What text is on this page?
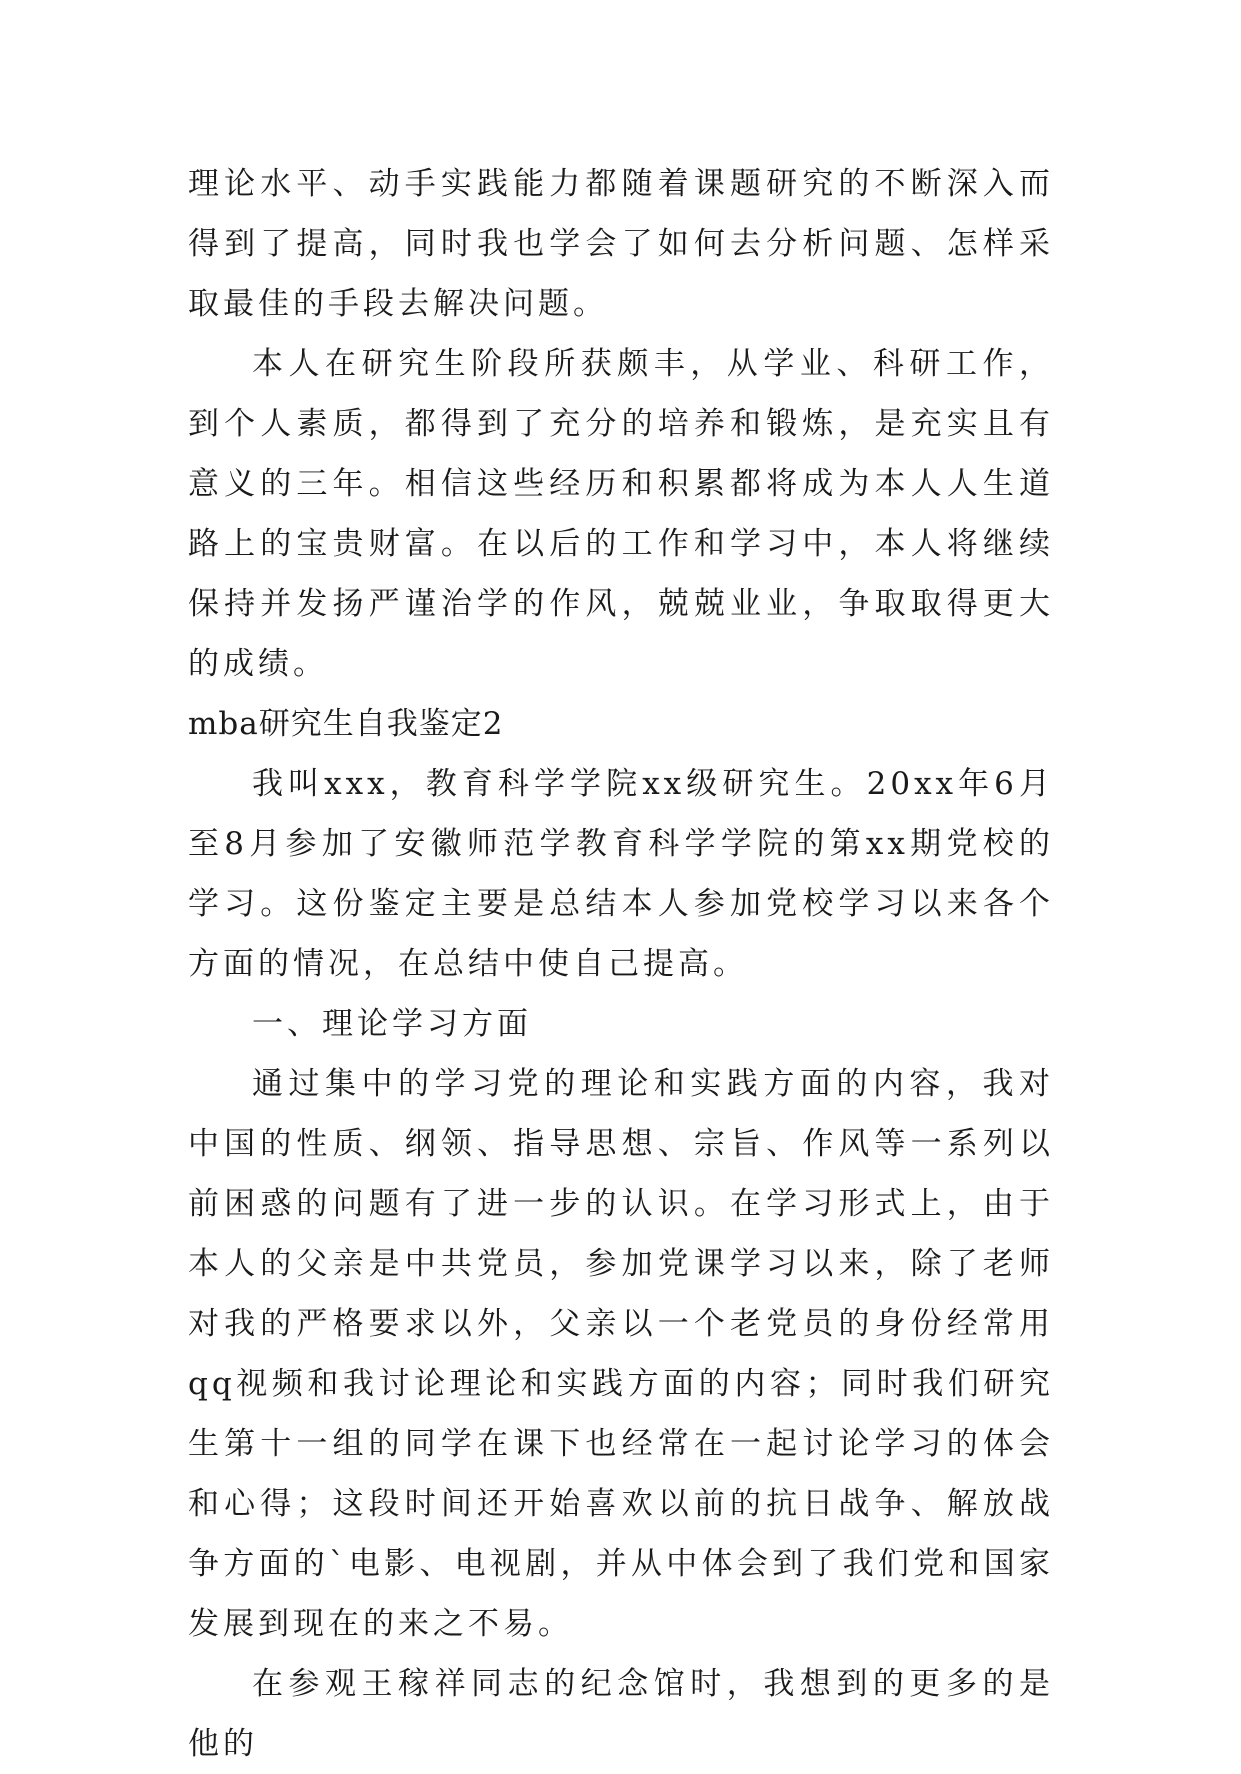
理论水平、动手实践能力都随着课题研究的不断深入而得到了提高，同时我也学会了如何去分析问题、怎样采取最佳的手段去解决问题。

本人在研究生阶段所获颇丰，从学业、科研工作，到个人素质，都得到了充分的培养和锻炼，是充实且有意义的三年。相信这些经历和积累都将成为本人人生道路上的宝贵财富。在以后的工作和学习中，本人将继续保持并发扬严谨治学的作风，兢兢业业，争取取得更大的成绩。

mba研究生自我鉴定2

我叫xxx，教育科学学院xx级研究生。20xx年6月至8月参加了安徽师范学教育科学学院的第xx期党校的学习。这份鉴定主要是总结本人参加党校学习以来各个方面的情况，在总结中使自己提高。

一、理论学习方面

通过集中的学习党的理论和实践方面的内容，我对中国的性质、纲领、指导思想、宗旨、作风等一系列以前困惑的问题有了进一步的认识。在学习形式上，由于本人的父亲是中共党员，参加党课学习以来，除了老师对我的严格要求以外，父亲以一个老党员的身份经常用qq视频和我讨论理论和实践方面的内容；同时我们研究生第十一组的同学在课下也经常在一起讨论学习的体会和心得；这段时间还开始喜欢以前的抗日战争、解放战争方面的`电影、电视剧，并从中体会到了我们党和国家发展到现在的来之不易。

在参观王稼祥同志的纪念馆时，我想到的更多的是他的
